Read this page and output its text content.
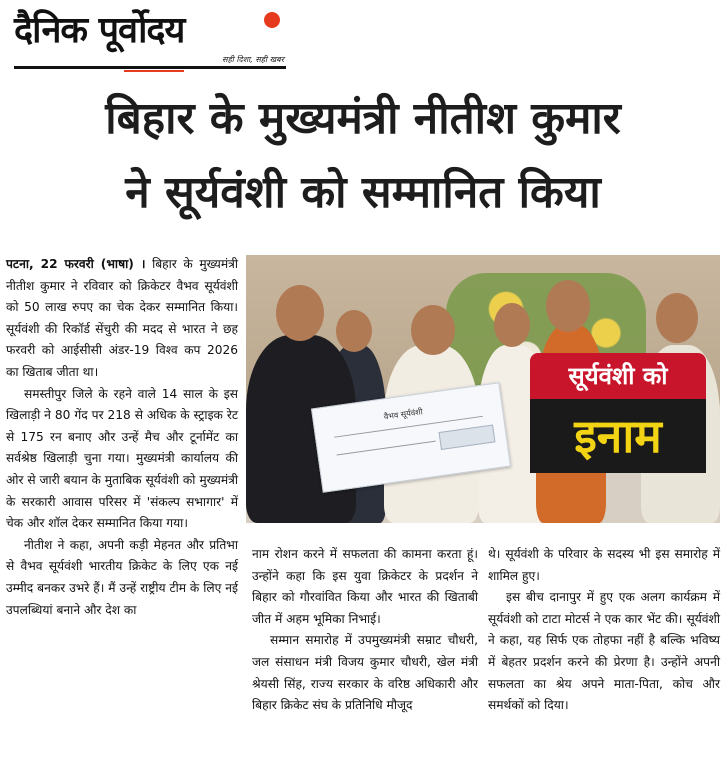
दैनिक पूर्वोदय
सही दिशा, सही खबर
बिहार के मुख्यमंत्री नीतीश कुमार
ने सूर्यवंशी को सम्मानित किया

पटना, 22 फरवरी (भाषा) । बिहार के मुख्यमंत्री नीतीश कुमार ने रविवार को क्रिकेटर वैभव सूर्यवंशी को 50 लाख रुपए का चेक देकर सम्मानित किया। सूर्यवंशी की रिकॉर्ड सेंचुरी की मदद से भारत ने छह फरवरी को आईसीसी अंडर-19 विश्व कप 2026 का खिताब जीता था।

समस्तीपुर जिले के रहने वाले 14 साल के इस खिलाड़ी ने 80 गेंद पर 218 से अधिक के स्ट्राइक रेट से 175 रन बनाए और उन्हें मैच और टूर्नामेंट का सर्वश्रेष्ठ खिलाड़ी चुना गया। मुख्यमंत्री कार्यालय की ओर से जारी बयान के मुताबिक सूर्यवंशी को मुख्यमंत्री के सरकारी आवास परिसर में 'संकल्प सभागार' में चेक और शॉल देकर सम्मानित किया गया।

नीतीश ने कहा, अपनी कड़ी मेहनत और प्रतिभा से वैभव सूर्यवंशी भारतीय क्रिकेट के लिए एक नई उम्मीद बनकर उभरे हैं। मैं उन्हें राष्ट्रीय टीम के लिए नई उपलब्धियां बनाने और देश का

वैभव सूर्यवंशी
सूर्यवंशी को
इनाम

नाम रोशन करने में सफलता की कामना करता हूं। उन्होंने कहा कि इस युवा क्रिकेटर के प्रदर्शन ने बिहार को गौरवांवित किया और भारत की खिताबी जीत में अहम भूमिका निभाई।

सम्मान समारोह में उपमुख्यमंत्री सम्राट चौधरी, जल संसाधन मंत्री विजय कुमार चौधरी, खेल मंत्री श्रेयसी सिंह, राज्य सरकार के वरिष्ठ अधिकारी और बिहार क्रिकेट संघ के प्रतिनिधि मौजूद

थे। सूर्यवंशी के परिवार के सदस्य भी इस समारोह में शामिल हुए।

इस बीच दानापुर में हुए एक अलग कार्यक्रम में सूर्यवंशी को टाटा मोटर्स ने एक कार भेंट की। सूर्यवंशी ने कहा, यह सिर्फ एक तोहफा नहीं है बल्कि भविष्य में बेहतर प्रदर्शन करने की प्रेरणा है। उन्होंने अपनी सफलता का श्रेय अपने माता-पिता, कोच और समर्थकों को दिया।
